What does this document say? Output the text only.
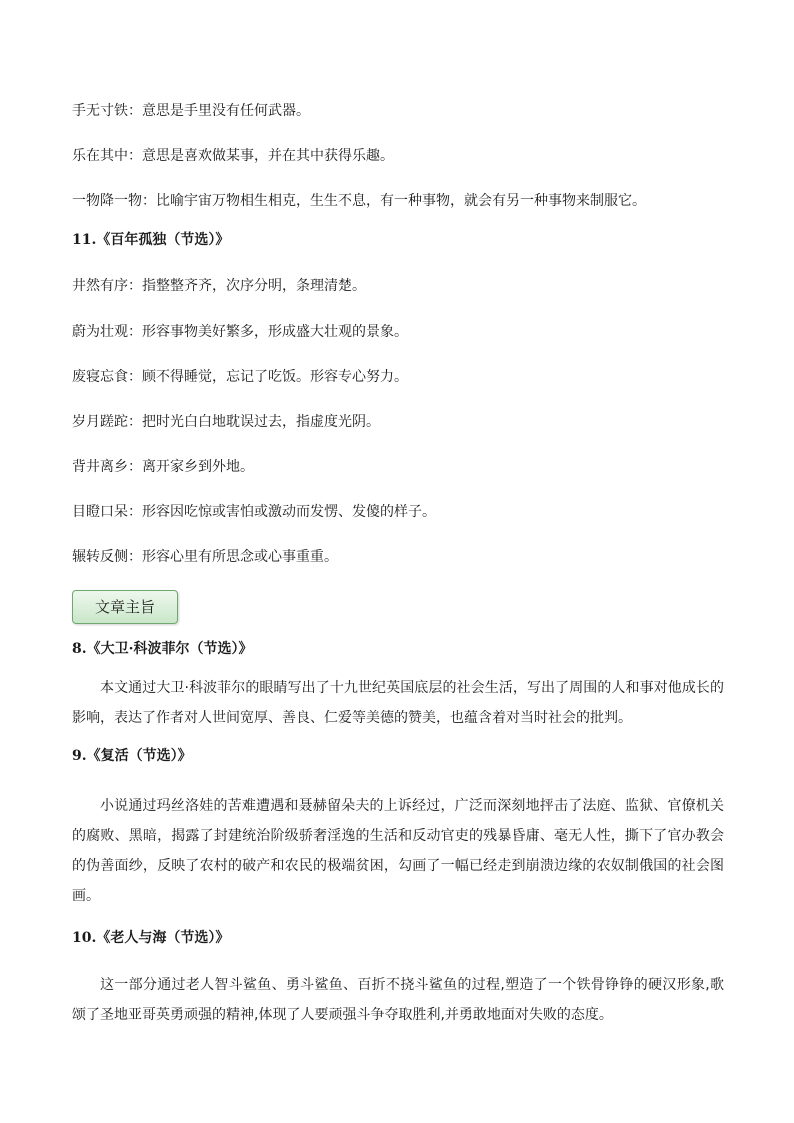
手无寸铁：意思是手里没有任何武器。
乐在其中：意思是喜欢做某事，并在其中获得乐趣。
一物降一物：比喻宇宙万物相生相克，生生不息，有一种事物，就会有另一种事物来制服它。
11.《百年孤独（节选）》
井然有序：指整整齐齐，次序分明，条理清楚。
蔚为壮观：形容事物美好繁多，形成盛大壮观的景象。
废寝忘食：顾不得睡觉，忘记了吃饭。形容专心努力。
岁月蹉跎：把时光白白地耽误过去，指虚度光阴。
背井离乡：离开家乡到外地。
目瞪口呆：形容因吃惊或害怕或激动而发愣、发傻的样子。
辗转反侧：形容心里有所思念或心事重重。
文章主旨
8.《大卫·科波菲尔（节选）》
本文通过大卫·科波菲尔的眼睛写出了十九世纪英国底层的社会生活，写出了周围的人和事对他成长的影响，表达了作者对人世间宽厚、善良、仁爱等美德的赞美，也蕴含着对当时社会的批判。
9.《复活（节选）》
小说通过玛丝洛娃的苦难遭遇和聂赫留朵夫的上诉经过，广泛而深刻地抨击了法庭、监狱、官僚机关的腐败、黑暗，揭露了封建统治阶级骄奢淫逸的生活和反动官吏的残暴昏庸、毫无人性，撕下了官办教会的伪善面纱，反映了农村的破产和农民的极端贫困，勾画了一幅已经走到崩溃边缘的农奴制俄国的社会图画。
10.《老人与海（节选）》
这一部分通过老人智斗鲨鱼、勇斗鲨鱼、百折不挠斗鲨鱼的过程,塑造了一个铁骨铮铮的硬汉形象,歌颂了圣地亚哥英勇顽强的精神,体现了人要顽强斗争夺取胜利,并勇敢地面对失败的态度。
